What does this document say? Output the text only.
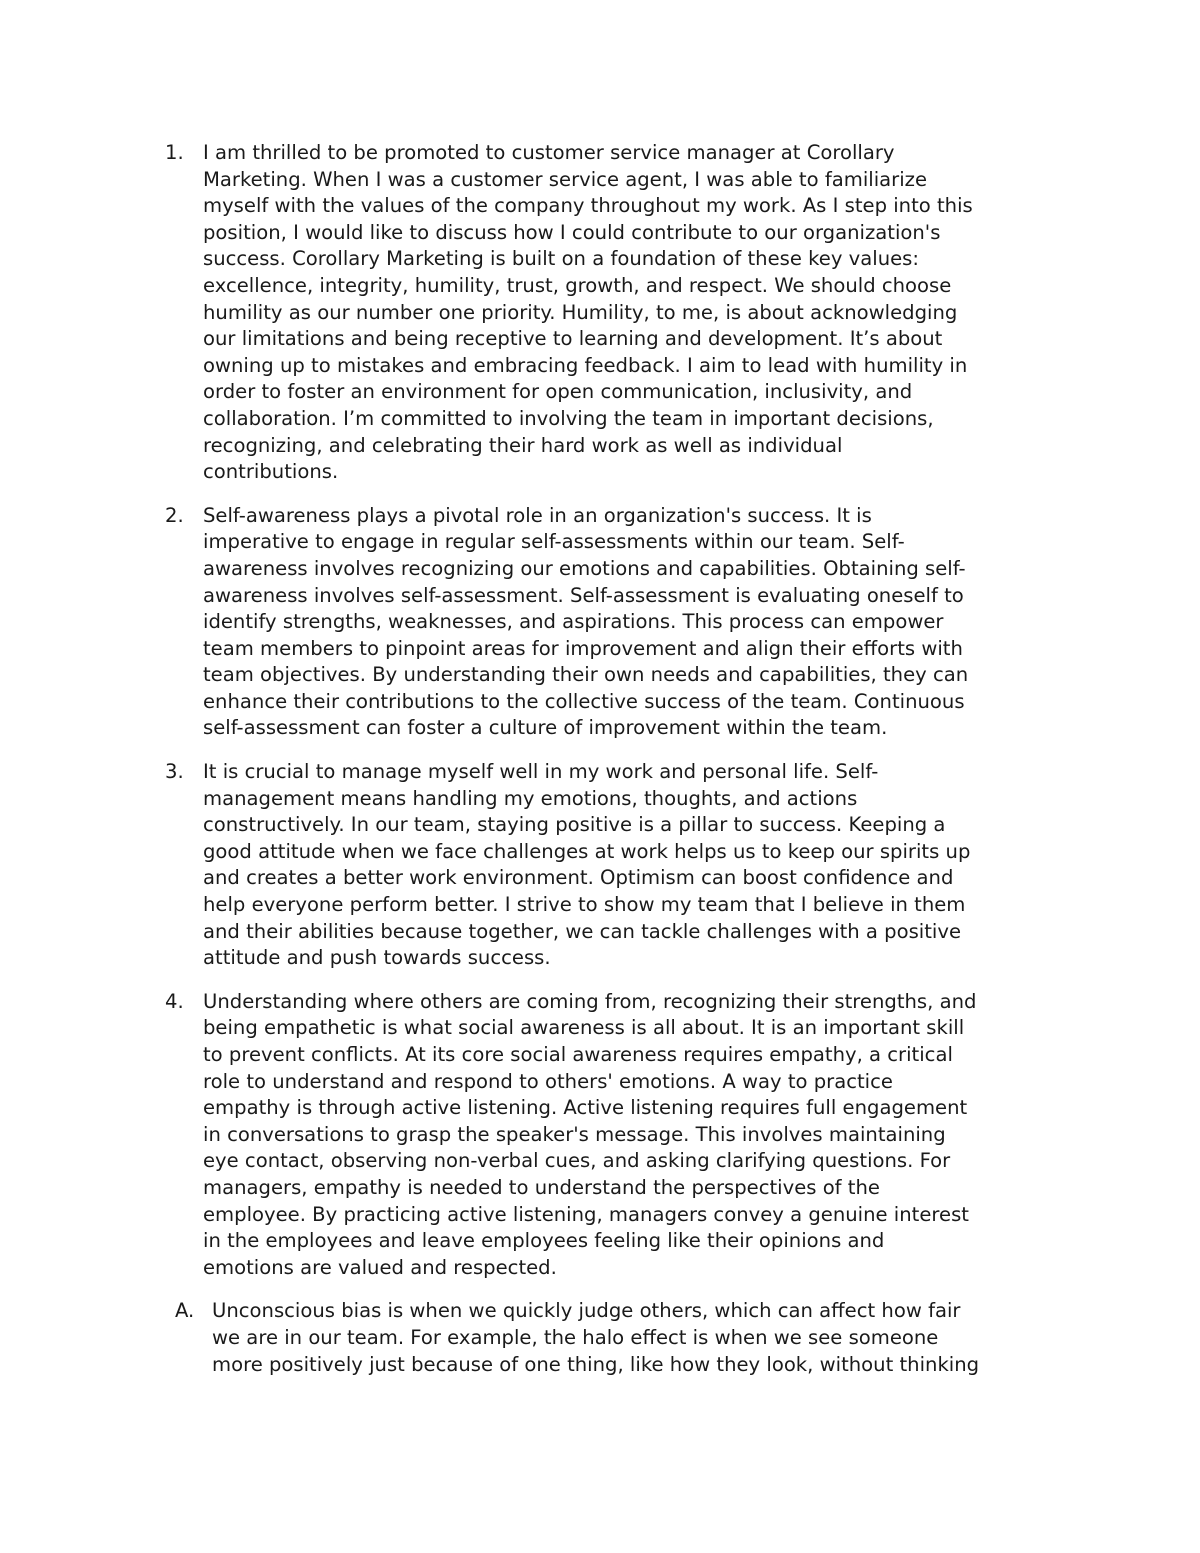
1. I am thrilled to be promoted to customer service manager at Corollary
Marketing. When I was a customer service agent, I was able to familiarize
myself with the values of the company throughout my work. As I step into this
position, I would like to discuss how I could contribute to our organization's
success. Corollary Marketing is built on a foundation of these key values:
excellence, integrity, humility, trust, growth, and respect. We should choose
humility as our number one priority. Humility, to me, is about acknowledging
our limitations and being receptive to learning and development. It’s about
owning up to mistakes and embracing feedback. I aim to lead with humility in
order to foster an environment for open communication, inclusivity, and
collaboration. I’m committed to involving the team in important decisions,
recognizing, and celebrating their hard work as well as individual
contributions.
2. Self-awareness plays a pivotal role in an organization's success. It is
imperative to engage in regular self-assessments within our team. Self-
awareness involves recognizing our emotions and capabilities. Obtaining self-
awareness involves self-assessment. Self-assessment is evaluating oneself to
identify strengths, weaknesses, and aspirations. This process can empower
team members to pinpoint areas for improvement and align their efforts with
team objectives. By understanding their own needs and capabilities, they can
enhance their contributions to the collective success of the team. Continuous
self-assessment can foster a culture of improvement within the team.
3. It is crucial to manage myself well in my work and personal life. Self-
management means handling my emotions, thoughts, and actions
constructively. In our team, staying positive is a pillar to success. Keeping a
good attitude when we face challenges at work helps us to keep our spirits up
and creates a better work environment. Optimism can boost confidence and
help everyone perform better. I strive to show my team that I believe in them
and their abilities because together, we can tackle challenges with a positive
attitude and push towards success.
4. Understanding where others are coming from, recognizing their strengths, and
being empathetic is what social awareness is all about. It is an important skill
to prevent conflicts. At its core social awareness requires empathy, a critical
role to understand and respond to others' emotions. A way to practice
empathy is through active listening. Active listening requires full engagement
in conversations to grasp the speaker's message. This involves maintaining
eye contact, observing non-verbal cues, and asking clarifying questions. For
managers, empathy is needed to understand the perspectives of the
employee. By practicing active listening, managers convey a genuine interest
in the employees and leave employees feeling like their opinions and
emotions are valued and respected.
A. Unconscious bias is when we quickly judge others, which can affect how fair
we are in our team. For example, the halo effect is when we see someone
more positively just because of one thing, like how they look, without thinking
